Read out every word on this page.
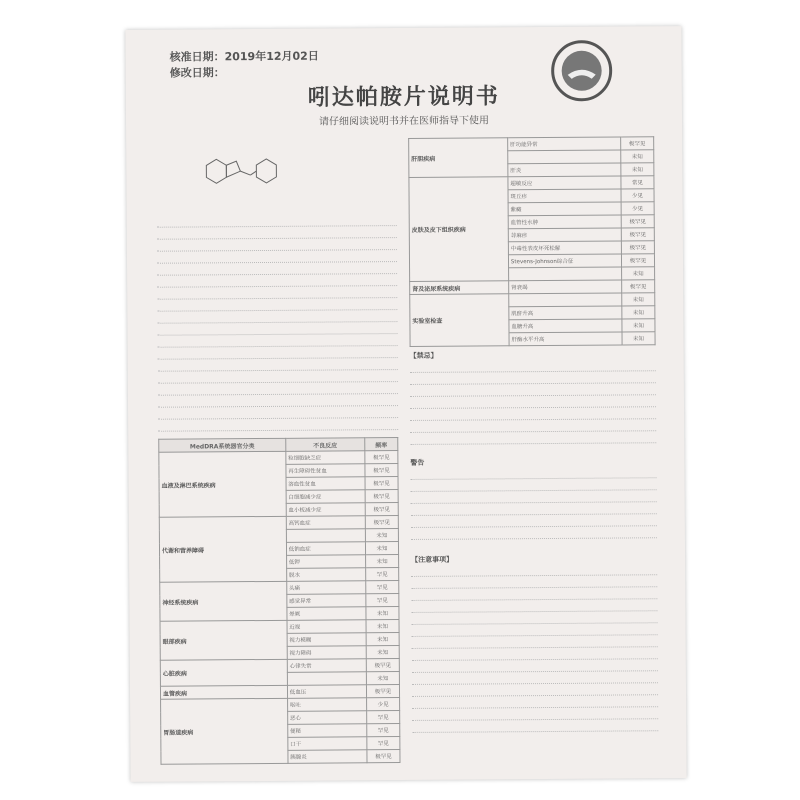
核准日期：2019年12月02日
修改日期：
吲达帕胺片说明书
请仔细阅读说明书并在医师指导下使用
MedDRA系统器官分类	不良反应	频率
血液及淋巴系统疾病	粒细胞缺乏症	极罕见
	再生障碍性贫血	极罕见
	溶血性贫血	极罕见
	白细胞减少症	极罕见
	血小板减少症	极罕见
代谢和营养障碍	高钙血症	极罕见
		未知
	低钠血症	未知
	低钾	未知
	脱水	罕见
神经系统疾病	头痛	罕见
	感觉异常	罕见
	晕厥	未知
眼部疾病	近视	未知
	视力模糊	未知
	视力障碍	未知
心脏疾病	心律失常	极罕见
		未知
血管疾病	低血压	极罕见
胃肠道疾病	呕吐	少见
	恶心	罕见
	便秘	罕见
	口干	罕见
	胰腺炎	极罕见
肝胆疾病	肝功能异常	极罕见
		未知
	肝炎	未知
皮肤及皮下组织疾病	超敏反应	常见
	斑丘疹	少见
	紫癜	少见
	血管性水肿	极罕见
	荨麻疹	极罕见
	中毒性表皮坏死松解	极罕见
	Stevens-Johnson综合征	极罕见
		未知
肾及泌尿系统疾病	肾衰竭	极罕见
实验室检查		未知
	肌酐升高	未知
	血糖升高	未知
	肝酶水平升高	未知
【禁忌】
警告
【注意事项】
